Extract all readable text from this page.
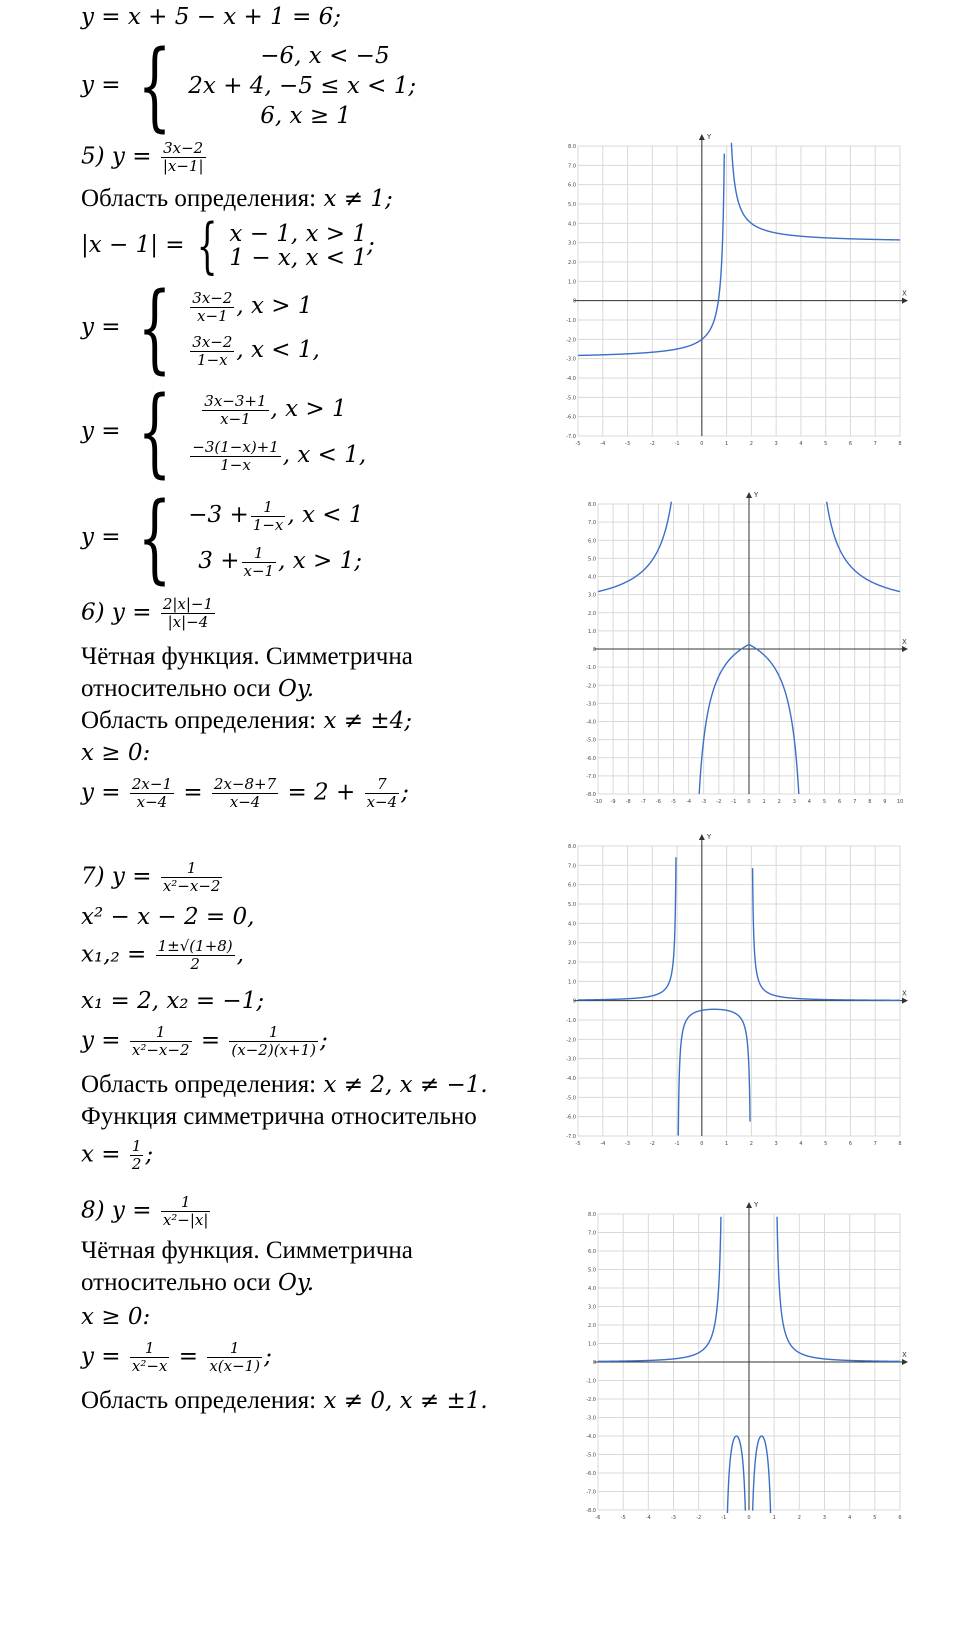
y = x + 5 − x + 1 = 6;
y = {	−6, x < −5
2x + 4, −5 ≤ x < 1;
6, x ≥ 1
5) $y = \frac{3x-2}{|x-1|}$
Область определения: x ≠ 1;
|x − 1| = { x − 1, x > 1
1 − x, x < 1 ;
y = { $\frac{3x-2}{x-1}$ , x > 1
$\frac{3x-2}{1-x}$ , x < 1,
y = { $\frac{3x-3+1}{x-1}$ , x > 1
$\frac{-3(1-x)+1}{1-x}$ , x < 1,
y = { $-3 + \frac{1}{1-x}$ , x < 1
$3 + \frac{1}{x-1}$ , x > 1;
6) $y = \frac{2|x|-1}{|x|-4}$
Чётная функция. Симметрична
относительно оси Oy.
Область определения: x ≠ ±4;
x ≥ 0:
$y = \frac{2x-1}{x-4} = \frac{2x-8+7}{x-4} = 2 + \frac{7}{x-4}$ ;
7) $y = \frac{1}{\text{x²−x−2}}$
x² − x − 2 = 0,
$x_1,_2 = \frac{1\pm√(1+8)}{2}$ ,
x₁ = 2, x₂ = −1;
$y = \frac{1}{\text{x²−x−2}} = \frac{1}{(x-2)(x+1)}$ ;
Область определения: x ≠ 2, x ≠ −1.
Функция симметрична относительно
$x = \frac{1}{2}$ ;
8) $y = \frac{1}{\text{x²−|x|}}$
Чётная функция. Симметрична
относительно оси Oy.
x ≥ 0:
$y = \frac{1}{\text{x²−x}} = \frac{1}{x(x-1)}$ ;
Область определения: x ≠ 0, x ≠ ±1.
X
Y
-5	-4	-3	-2	-1	0	1	2	3	4	5	6	7	8
8.0
7.0
6.0
5.0
4.0
3.0
2.0
1.0
0
-1.0
-2.0
-3.0
-4.0
-5.0
-6.0
-7.0
X
Y
-10 -9 -8 -7 -6 -5 -4 -3 -2 -1 0 1 2 3 4 5 6 7 8 9 10
8.0
7.0
6.0
5.0
4.0
3.0
2.0
1.0
0
-1.0
-2.0
-3.0
-4.0
-5.0
-6.0
-7.0
-8.0
X
Y
-5	-4	-3	-2	-1	0	1	2	3	4	5	6	7	8
8.0
7.0
6.0
5.0
4.0
3.0
2.0
1.0
0
-1.0
-2.0
-3.0
-4.0
-5.0
-6.0
-7.0
X
Y
-6	-5	-4	-3	-2	-1	0	1	2	3	4	5	6
8.0
7.0
6.0
5.0
4.0
3.0
2.0
1.0
0
-1.0
-2.0
-3.0
-4.0
-5.0
-6.0
-7.0
-8.0
